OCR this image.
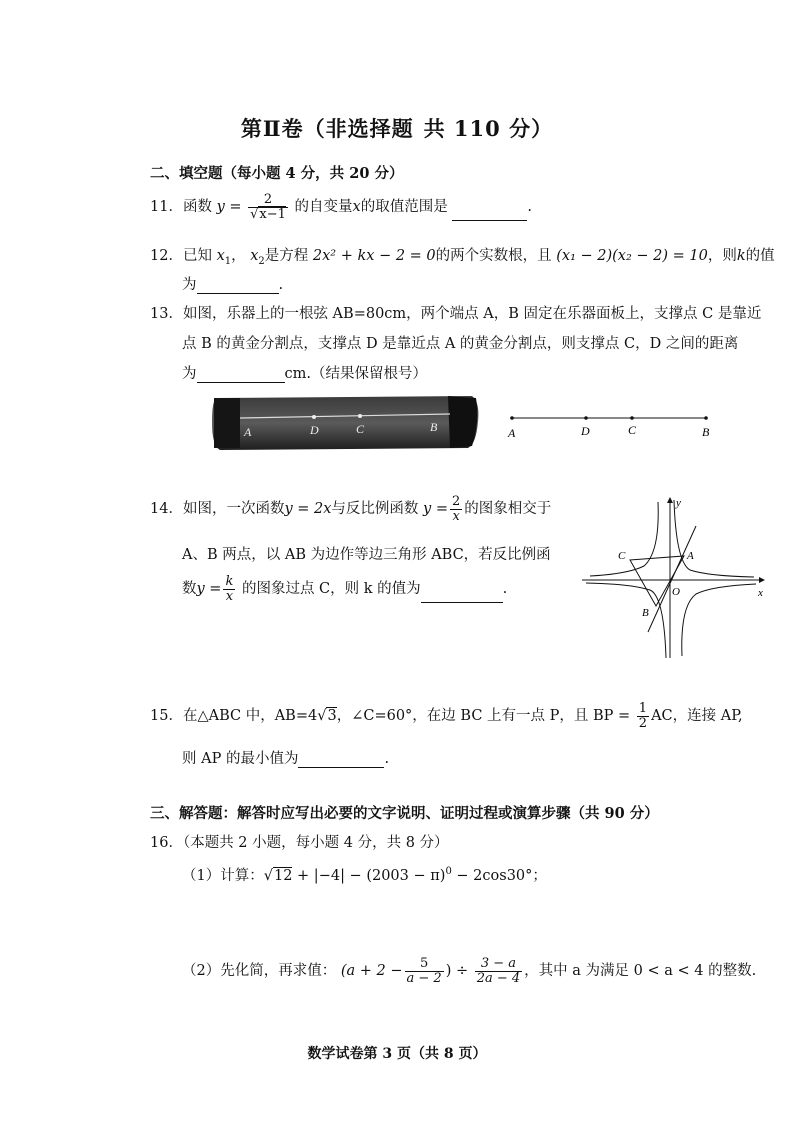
第Ⅱ卷（非选择题 共 110 分）
二、填空题（每小题 4 分，共 20 分）
11．函数 $y = \frac{2}{√x-1}$ 的自变量x的取值范围是	.
12．已知 $x_1$， $x_2$是方程 2x² + kx − 2 = 0的两个实数根，且 (x₁ − 2)(x₂ − 2) = 10，则k的值
为	.
13．如图，乐器上的一根弦 AB=80cm，两个端点 A，B 固定在乐器面板上，支撑点 C 是靠近
点 B 的黄金分割点，支撑点 D 是靠近点 A 的黄金分割点，则支撑点 C，D 之间的距离
为	cm.（结果保留根号）
A	D	C	B	A	D	C	B
14．如图，一次函数y = 2x与反比例函数 $y = \frac{2}{x}$ 的图象相交于
A、B 两点，以 AB 为边作等边三角形 ABC，若反比例函
数$y = \frac{k}{x}$ 的图象过点 C，则 k 的值为	.
y
x
O
A
B
C
15．在△ABC 中，AB=4√3，∠C=60°，在边 BC 上有一点 P，且 BP = $\frac{1}{2}$ AC，连接 AP,
则 AP 的最小值为	.
三、解答题：解答时应写出必要的文字说明、证明过程或演算步骤（共 90 分）
16．（本题共 2 小题，每小题 4 分，共 8 分）
（1）计算：$√12 + |-4| - (2003 - \pi)^0 - 2\cos 30^\circ$；
（2）先化简，再求值： ($a + 2 - \frac{5}{a - 2}$ ) ÷ $\frac{3 - a}{2a - 4}$ ，其中 a 为满足 0 < a < 4 的整数.
数学试卷第 3 页（共 8 页）
